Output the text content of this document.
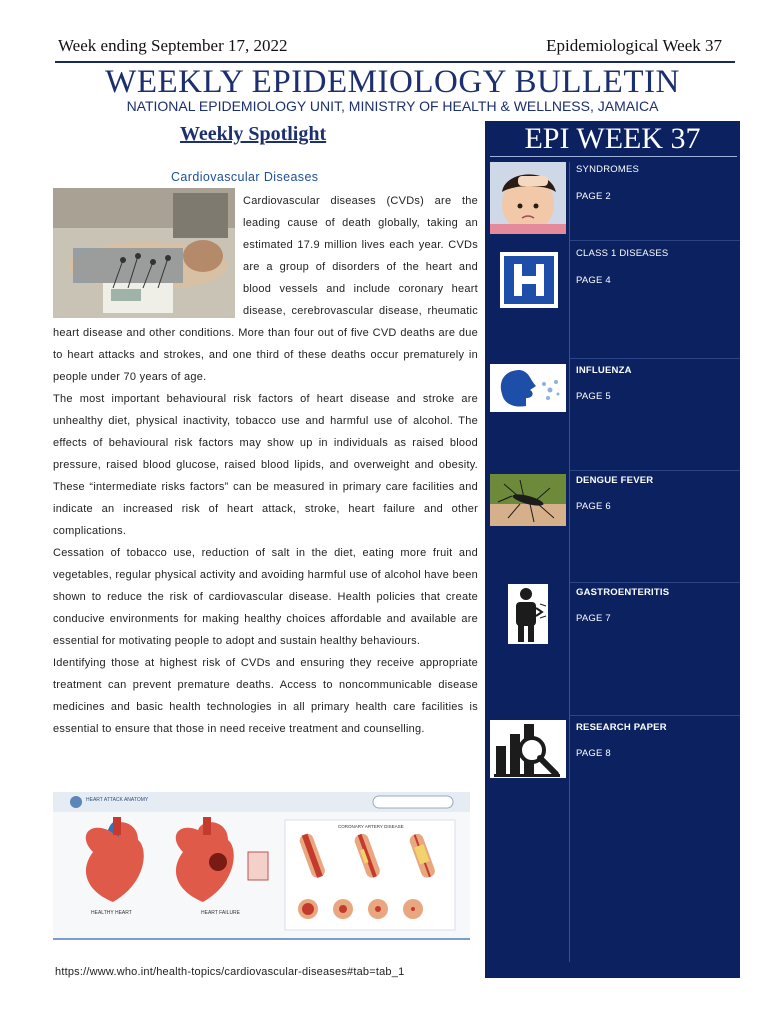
Week ending September 17, 2022	Epidemiological Week 37
WEEKLY EPIDEMIOLOGY BULLETIN
NATIONAL EPIDEMIOLOGY UNIT, MINISTRY OF HEALTH & WELLNESS, JAMAICA
Weekly Spotlight
Cardiovascular Diseases

Cardiovascular diseases (CVDs) are the leading cause of death globally, taking an estimated 17.9 million lives each year. CVDs are a group of disorders of the heart and blood vessels and include coronary heart disease, cerebrovascular disease, rheumatic heart disease and other conditions. More than four out of five CVD deaths are due to heart attacks and strokes, and one third of these deaths occur prematurely in people under 70 years of age.

The most important behavioural risk factors of heart disease and stroke are unhealthy diet, physical inactivity, tobacco use and harmful use of alcohol. The effects of behavioural risk factors may show up in individuals as raised blood pressure, raised blood glucose, raised blood lipids, and overweight and obesity. These “intermediate risks factors” can be measured in primary care facilities and indicate an increased risk of heart attack, stroke, heart failure and other complications.

Cessation of tobacco use, reduction of salt in the diet, eating more fruit and vegetables, regular physical activity and avoiding harmful use of alcohol have been shown to reduce the risk of cardiovascular disease. Health policies that create conducive environments for making healthy choices affordable and available are essential for motivating people to adopt and sustain healthy behaviours.

Identifying those at highest risk of CVDs and ensuring they receive appropriate treatment can prevent premature deaths. Access to noncommunicable disease medicines and basic health technologies in all primary health care facilities is essential to ensure that those in need receive treatment and counselling.

HEART ATTACK ANATOMY
HEALTHY HEART	HEART FAILURE
CORONARY ARTERY DISEASE
https://www.who.int/health-topics/cardiovascular-diseases#tab=tab_1
EPI WEEK 37
SYNDROMES
PAGE 2
CLASS 1 DISEASES
PAGE 4
INFLUENZA
PAGE 5
DENGUE FEVER
PAGE 6
GASTROENTERITIS
PAGE 7
RESEARCH PAPER
PAGE 8
